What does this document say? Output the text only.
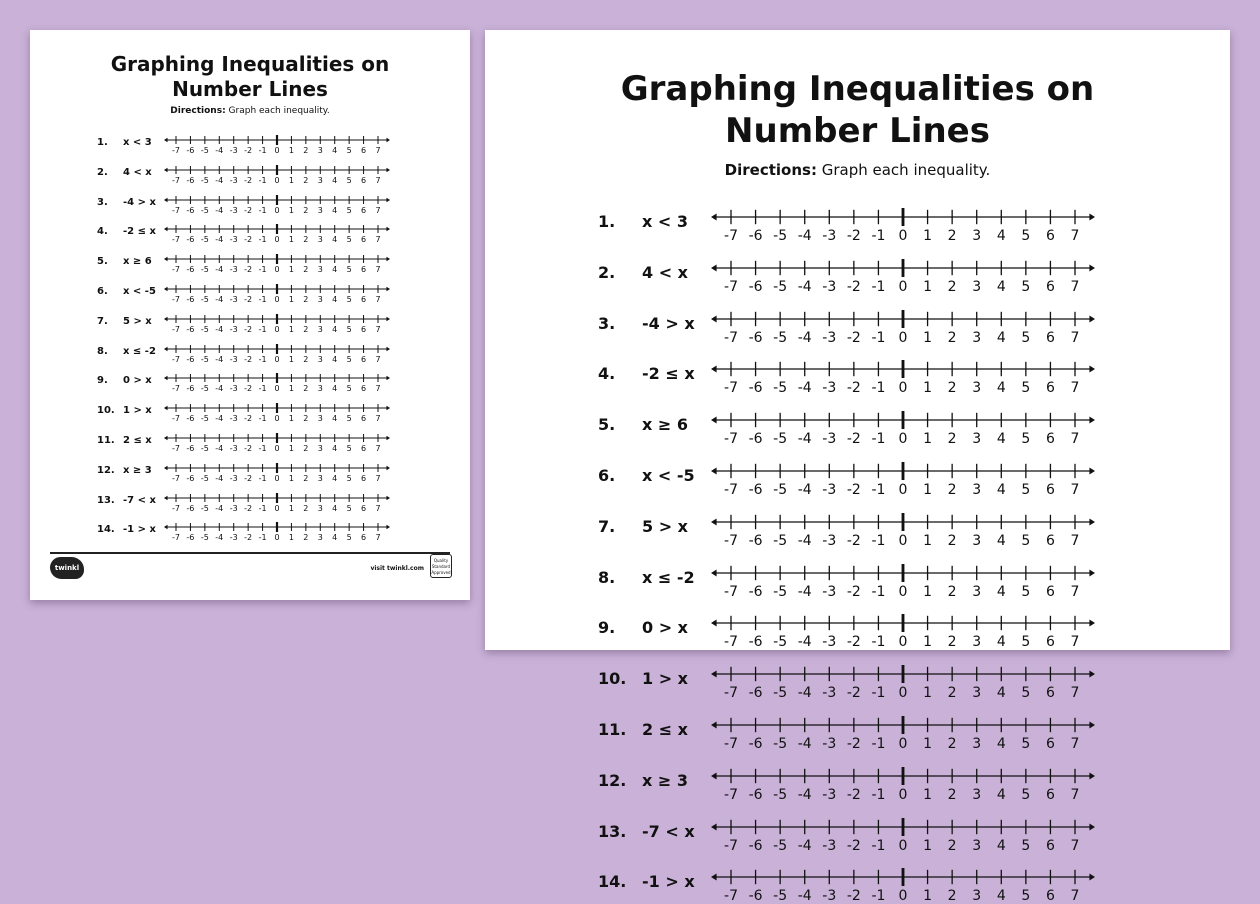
Graphing Inequalities on
Number Lines
Directions: Graph each inequality.
1. x < 3
-7 -6 -5 -4 -3 -2 -1 0 1 2 3 4 5 6 7
2. 4 < x
-7 -6 -5 -4 -3 -2 -1 0 1 2 3 4 5 6 7
3. -4 > x
-7 -6 -5 -4 -3 -2 -1 0 1 2 3 4 5 6 7
4. -2 ≤ x
-7 -6 -5 -4 -3 -2 -1 0 1 2 3 4 5 6 7
5. x ≥ 6
-7 -6 -5 -4 -3 -2 -1 0 1 2 3 4 5 6 7
6. x < -5
-7 -6 -5 -4 -3 -2 -1 0 1 2 3 4 5 6 7
7. 5 > x
-7 -6 -5 -4 -3 -2 -1 0 1 2 3 4 5 6 7
8. x ≤ -2
-7 -6 -5 -4 -3 -2 -1 0 1 2 3 4 5 6 7
9. 0 > x
-7 -6 -5 -4 -3 -2 -1 0 1 2 3 4 5 6 7
10. 1 > x
-7 -6 -5 -4 -3 -2 -1 0 1 2 3 4 5 6 7
11. 2 ≤ x
-7 -6 -5 -4 -3 -2 -1 0 1 2 3 4 5 6 7
12. x ≥ 3
-7 -6 -5 -4 -3 -2 -1 0 1 2 3 4 5 6 7
13. -7 < x
-7 -6 -5 -4 -3 -2 -1 0 1 2 3 4 5 6 7
14. -1 > x
-7 -6 -5 -4 -3 -2 -1 0 1 2 3 4 5 6 7
twinkl	visit twinkl.com
Quality Standard Approved
Graphing Inequalities on
Number Lines
Directions: Graph each inequality.
1. x < 3
-7 -6 -5 -4 -3 -2 -1 0 1 2 3 4 5 6 7
2. 4 < x
-7 -6 -5 -4 -3 -2 -1 0 1 2 3 4 5 6 7
3. -4 > x
-7 -6 -5 -4 -3 -2 -1 0 1 2 3 4 5 6 7
4. -2 ≤ x
-7 -6 -5 -4 -3 -2 -1 0 1 2 3 4 5 6 7
5. x ≥ 6
-7 -6 -5 -4 -3 -2 -1 0 1 2 3 4 5 6 7
6. x < -5
-7 -6 -5 -4 -3 -2 -1 0 1 2 3 4 5 6 7
7. 5 > x
-7 -6 -5 -4 -3 -2 -1 0 1 2 3 4 5 6 7
8. x ≤ -2
-7 -6 -5 -4 -3 -2 -1 0 1 2 3 4 5 6 7
9. 0 > x
-7 -6 -5 -4 -3 -2 -1 0 1 2 3 4 5 6 7
10. 1 > x
-7 -6 -5 -4 -3 -2 -1 0 1 2 3 4 5 6 7
11. 2 ≤ x
-7 -6 -5 -4 -3 -2 -1 0 1 2 3 4 5 6 7
12. x ≥ 3
-7 -6 -5 -4 -3 -2 -1 0 1 2 3 4 5 6 7
13. -7 < x
-7 -6 -5 -4 -3 -2 -1 0 1 2 3 4 5 6 7
14. -1 > x
-7 -6 -5 -4 -3 -2 -1 0 1 2 3 4 5 6 7
